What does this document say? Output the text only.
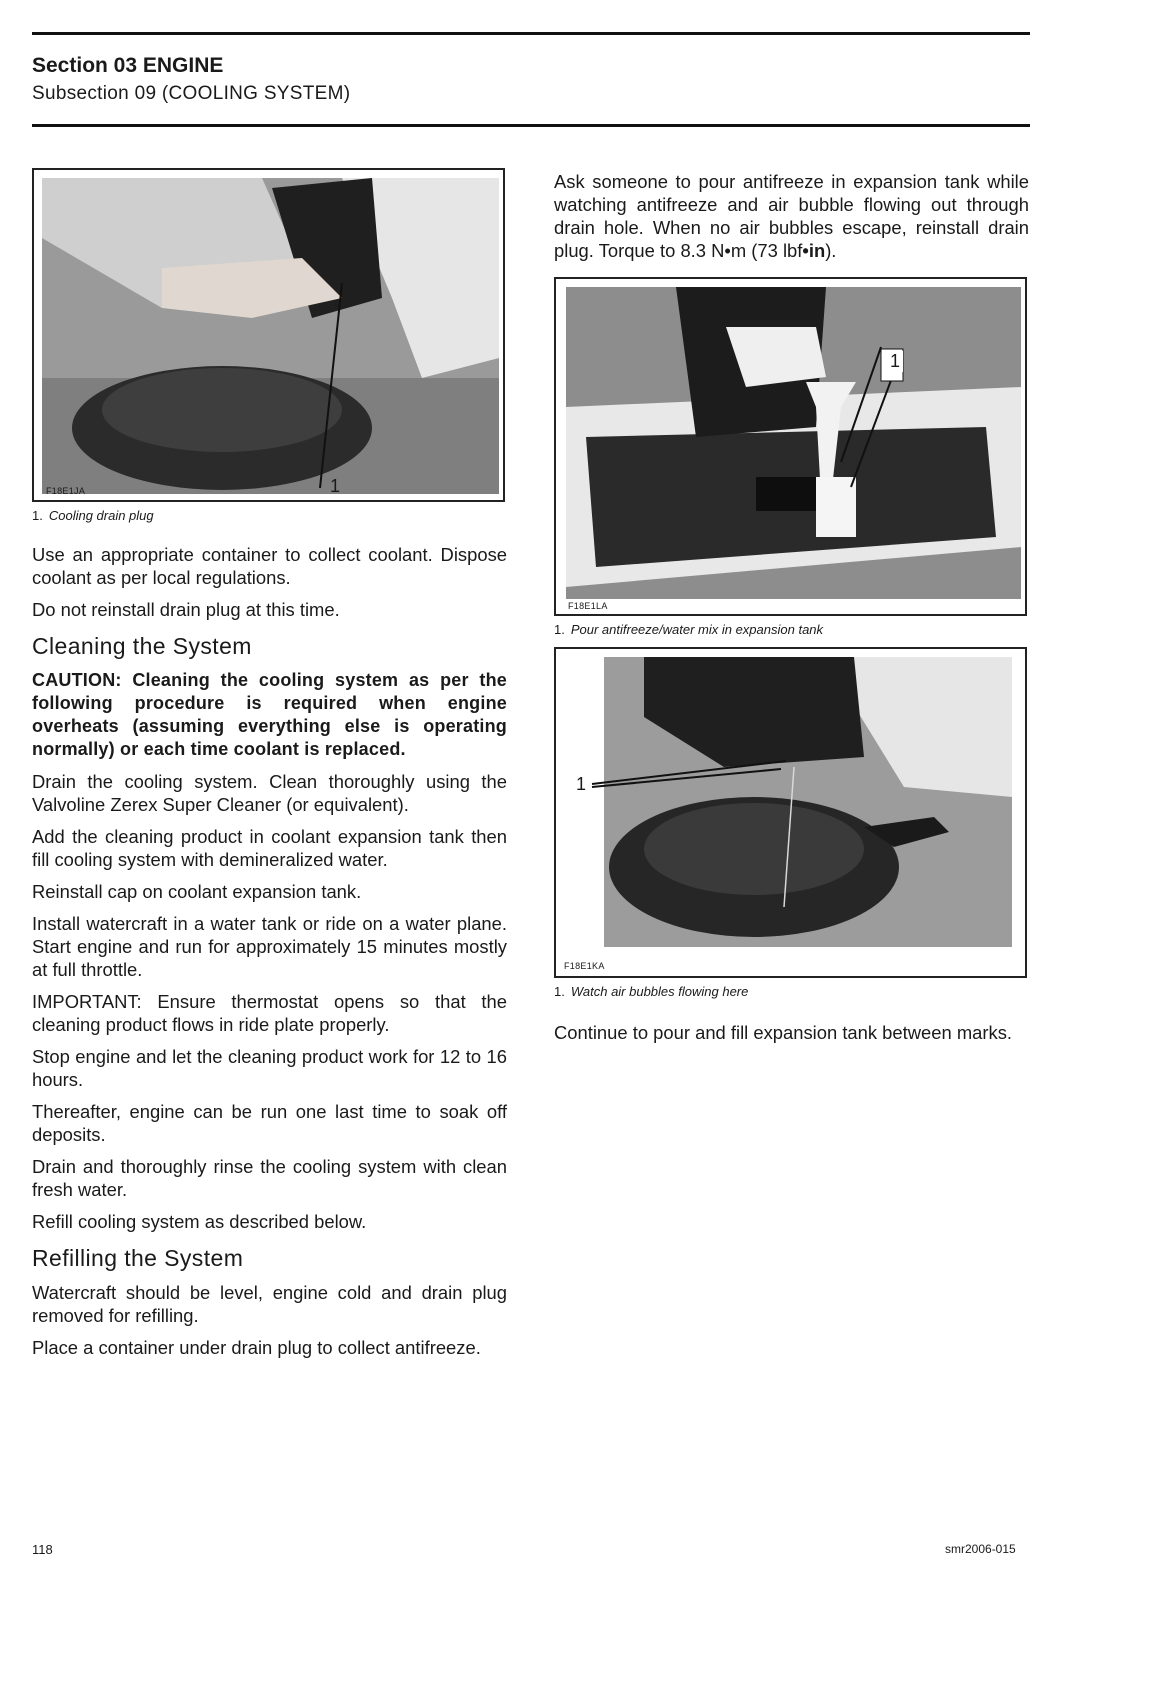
Section 03 ENGINE
Subsection 09 (COOLING SYSTEM)
F18E1JA	1
1. Cooling drain plug

Use an appropriate container to collect coolant. Dispose coolant as per local regulations.

Do not reinstall drain plug at this time.

Cleaning the System

CAUTION: Cleaning the cooling system as per the following procedure is required when engine overheats (assuming everything else is operating normally) or each time coolant is replaced.

Drain the cooling system. Clean thoroughly using the Valvoline Zerex Super Cleaner (or equivalent).

Add the cleaning product in coolant expansion tank then fill cooling system with demineralized water.

Reinstall cap on coolant expansion tank.

Install watercraft in a water tank or ride on a water plane. Start engine and run for approximately 15 minutes mostly at full throttle.

IMPORTANT: Ensure thermostat opens so that the cleaning product flows in ride plate properly.

Stop engine and let the cleaning product work for 12 to 16 hours.

Thereafter, engine can be run one last time to soak off deposits.

Drain and thoroughly rinse the cooling system with clean fresh water.

Refill cooling system as described below.

Refilling the System

Watercraft should be level, engine cold and drain plug removed for refilling.

Place a container under drain plug to collect antifreeze.

Ask someone to pour antifreeze in expansion tank while watching antifreeze and air bubble flowing out through drain hole. When no air bubbles escape, reinstall drain plug. Torque to 8.3 N•m (73 lbf•in).

F18E1LA
1
1. Pour antifreeze/water mix in expansion tank
1
F18E1KA
1. Watch air bubbles flowing here

Continue to pour and fill expansion tank between marks.

118	smr2006-015
